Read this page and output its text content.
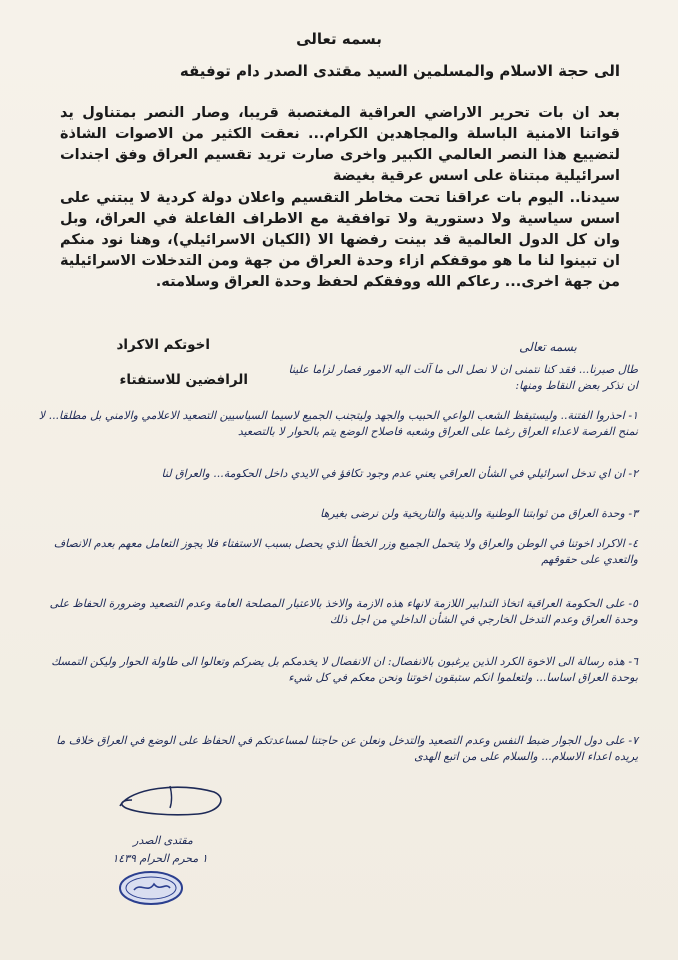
بسمه تعالى
الى حجة الاسلام والمسلمين السيد مقتدى الصدر دام توفيقه
بعد ان بات تحرير الاراضي العراقية المغتصبة قريبا، وصار النصر بمتناول يد قواتنا الامنية الباسلة والمجاهدين الكرام... نعقت الكثير من الاصوات الشاذة لتضييع هذا النصر العالمي الكبير واخرى صارت تريد تقسيم العراق وفق اجندات اسرائيلية مبتناة على اسس عرقية بغيضة
سيدنا.. اليوم بات عراقنا تحت مخاطر التقسيم واعلان دولة كردية لا يبتني على اسس سياسية ولا دستورية ولا توافقية مع الاطراف الفاعلة في العراق، وبل وان كل الدول العالمية قد بينت رفضها الا (الكيان الاسرائيلي)، وهنا نود منكم ان تبينوا لنا ما هو موقفكم ازاء وحدة العراق من جهة ومن التدخلات الاسرائيلية من جهة اخرى... رعاكم الله ووفقكم لحفظ وحدة العراق وسلامته.
اخوتكم الاكراد
الرافضين للاستفتاء
بسمه تعالى
طال صبرنا... فقد كنا نتمنى ان لا نصل الى ما آلت اليه الامور فصار لزاما علينا ان نذكر بعض النقاط ومنها:
١- احذروا الفتنة.. وليستيقظ الشعب الواعي الحبيب والجهد وليتجنب الجميع لاسيما السياسيين التصعيد الاعلامي والامني بل مطلقا... لا نمنح الفرصة لاعداء العراق رغما على العراق وشعبه فاصلاح الوضع يتم بالحوار لا بالتصعيد
٢- ان اي تدخل اسرائيلي في الشأن العراقي يعني عدم وجود تكافؤ في الايدي داخل الحكومة... والعراق لنا
٣- وحدة العراق من ثوابتنا الوطنية والدينية والتاريخية ولن نرضى بغيرها
٤- الاكراد اخوتنا في الوطن والعراق ولا يتحمل الجميع وزر الخطأ الذي يحصل بسبب الاستفتاء فلا يجوز التعامل معهم بعدم الانصاف والتعدي على حقوقهم
٥- على الحكومة العراقية اتخاذ التدابير اللازمة لانهاء هذه الازمة والاخذ بالاعتبار المصلحة العامة وعدم التصعيد وضرورة الحفاظ على وحدة العراق وعدم التدخل الخارجي في الشأن الداخلي من اجل ذلك
٦- هذه رسالة الى الاخوة الكرد الذين يرغبون بالانفصال: ان الانفصال لا يخدمكم بل يضركم وتعالوا الى طاولة الحوار وليكن التمسك بوحدة العراق اساسا... ولتعلموا انكم ستبقون اخوتنا ونحن معكم في كل شيء
٧- على دول الجوار ضبط النفس وعدم التصعيد والتدخل ونعلن عن حاجتنا لمساعدتكم في الحفاظ على الوضع في العراق خلاف ما يريده اعداء الاسلام... والسلام على من اتبع الهدى
مقتدى الصدر
١ محرم الحرام ١٤٣٩
